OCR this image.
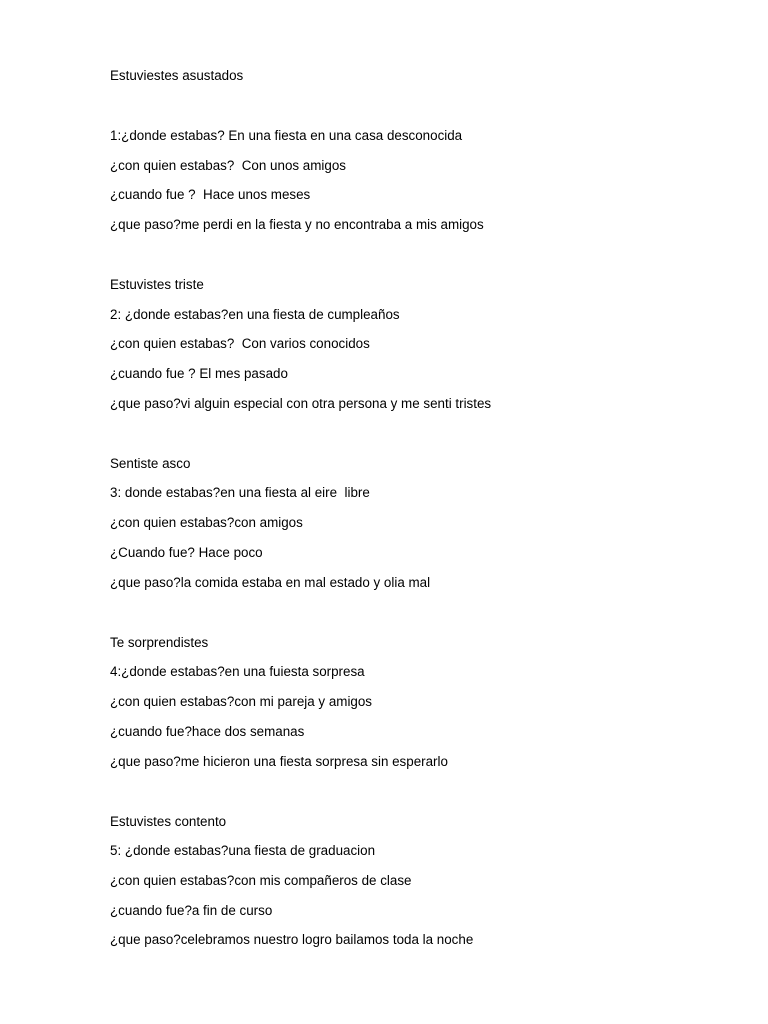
Estuviestes asustados
1:¿donde estabas? En una fiesta en una casa desconocida
¿con quien estabas?  Con unos amigos
¿cuando fue ?  Hace unos meses
¿que paso?me perdi en la fiesta y no encontraba a mis amigos
Estuvistes triste
2: ¿donde estabas?en una fiesta de cumpleaños
¿con quien estabas?  Con varios conocidos
¿cuando fue ? El mes pasado
¿que paso?vi alguin especial con otra persona y me senti tristes
Sentiste asco
3: donde estabas?en una fiesta al eire  libre
¿con quien estabas?con amigos
¿Cuando fue? Hace poco
¿que paso?la comida estaba en mal estado y olia mal
Te sorprendistes
4:¿donde estabas?en una fuiesta sorpresa
¿con quien estabas?con mi pareja y amigos
¿cuando fue?hace dos semanas
¿que paso?me hicieron una fiesta sorpresa sin esperarlo
Estuvistes contento
5: ¿donde estabas?una fiesta de graduacion
¿con quien estabas?con mis compañeros de clase
¿cuando fue?a fin de curso
¿que paso?celebramos nuestro logro bailamos toda la noche
